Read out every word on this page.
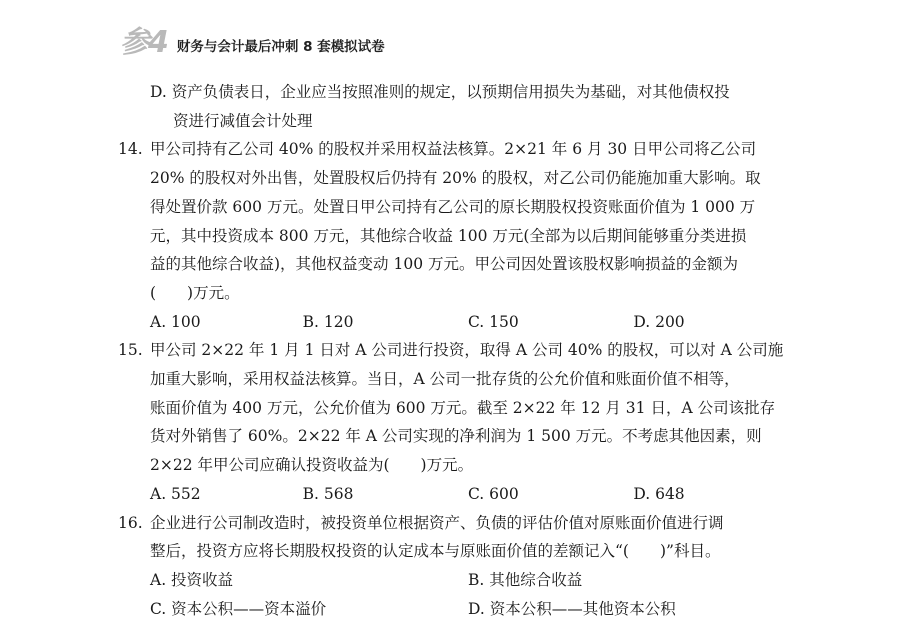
参4 财务与会计最后冲刺 8 套模拟试卷
D. 资产负债表日，企业应当按照准则的规定，以预期信用损失为基础，对其他债权投
资进行减值会计处理
14. 甲公司持有乙公司 40% 的股权并采用权益法核算。2×21 年 6 月 30 日甲公司将乙公司
20% 的股权对外出售，处置股权后仍持有 20% 的股权，对乙公司仍能施加重大影响。取
得处置价款 600 万元。处置日甲公司持有乙公司的原长期股权投资账面价值为 1 000 万
元，其中投资成本 800 万元，其他综合收益 100 万元(全部为以后期间能够重分类进损
益的其他综合收益)，其他权益变动 100 万元。甲公司因处置该股权影响损益的金额为
(　　)万元。
A. 100	B. 120	C. 150	D. 200
15. 甲公司 2×22 年 1 月 1 日对 A 公司进行投资，取得 A 公司 40% 的股权，可以对 A 公司施
加重大影响，采用权益法核算。当日，A 公司一批存货的公允价值和账面价值不相等，
账面价值为 400 万元，公允价值为 600 万元。截至 2×22 年 12 月 31 日，A 公司该批存
货对外销售了 60%。2×22 年 A 公司实现的净利润为 1 500 万元。不考虑其他因素，则
2×22 年甲公司应确认投资收益为(　　)万元。
A. 552	B. 568	C. 600	D. 648
16. 企业进行公司制改造时，被投资单位根据资产、负债的评估价值对原账面价值进行调
整后，投资方应将长期股权投资的认定成本与原账面价值的差额记入“(　　)”科目。
A. 投资收益	B. 其他综合收益
C. 资本公积——资本溢价	D. 资本公积——其他资本公积
